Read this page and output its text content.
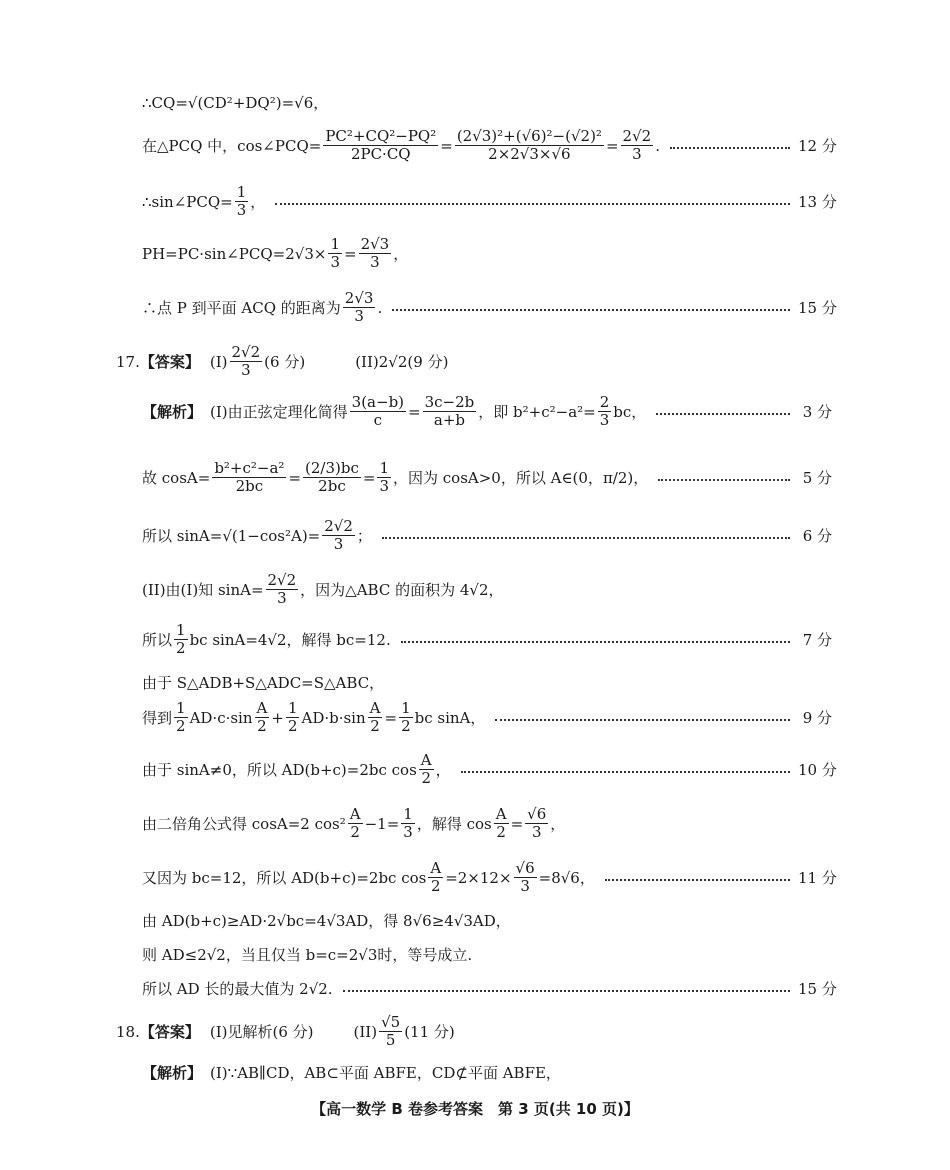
∴CQ=√(CD²+DQ²)=√6，
在△PCQ 中，cos∠PCQ= $\frac{\text{PC²+CQ²−PQ²}}{2PC\cdot CQ} = \frac{\text{(2√3)²+(√6)²−(√2)²}}{2\times 2√3\times√6} = \frac{2√2}{3}$ .	12 分
∴sin∠PCQ= $\frac{1}{3}$ ，	13 分
PH=PC·sin∠PCQ=2√3× $\frac{1}{3} = \frac{2√3}{3}$ ，
∴点 P 到平面 ACQ 的距离为 $\frac{2√3}{3}$ .	15 分
17. 【答案】 $(I) \frac{2√2}{3} (6$ 分)	(II)2√2(9 分)
【解析】 (I)由正弦定理化简得 $\frac{3(a-b)}{c} = \frac{3c-2b}{a+b}$ ，即 $b^2+c^2-a^2= \frac{2}{3}$ bc，	3 分
故 $\cos A= \frac{\text{b²+c²−a²}}{2bc} = \frac{(2/3)bc}{2bc} = \frac{1}{3}$ ，因为 cosA>0，所以 A∈(0，π/2)，	5 分
所以 $\sin A=√(1-\cos^2A)= \frac{2√2}{3}$ ；	6 分
(II)由(I)知 $\sin A= \frac{2√2}{3}$ ，因为△ABC 的面积为 4√2，
所以 $\frac{1}{2}$ bc sinA=4√2，解得 bc=12.	7 分
由于 S△ADB+S△ADC=S△ABC，
得到 $\frac{1}{2} AD\cdot c\cdot\sin \frac{A}{2} + \frac{1}{2} AD\cdot b\cdot\sin \frac{A}{2} = \frac{1}{2}$ bc sinA，	9 分
由于 sinA≠0，所以 AD(b+c)=2bc $\cos \frac{A}{2}$ ，	10 分
由二倍角公式得 cosA=2 $\cos^2 \frac{A}{2} -1= \frac{1}{3}$ ，解得 $\cos \frac{A}{2} = \frac{√6}{3}$ ，
又因为 bc=12，所以 AD(b+c)=2bc $\cos \frac{A}{2} =2\times 12\times \frac{√6}{3} =8√6$，	11 分
由 AD(b+c)≥AD·2√bc=4√3AD，得 8√6≥4√3AD，
则 AD≤2√2，当且仅当 b=c=2√3时，等号成立.
所以 AD 长的最大值为 2√2.	15 分
18. 【答案】 (I)见解析(6 分)	$(II) \frac{√5}{5} (11$ 分)
【解析】 (I)∵AB∥CD，AB⊂平面 ABFE，CD⊄平面 ABFE，
【高一数学 B 卷参考答案　第 3 页(共 10 页)】
